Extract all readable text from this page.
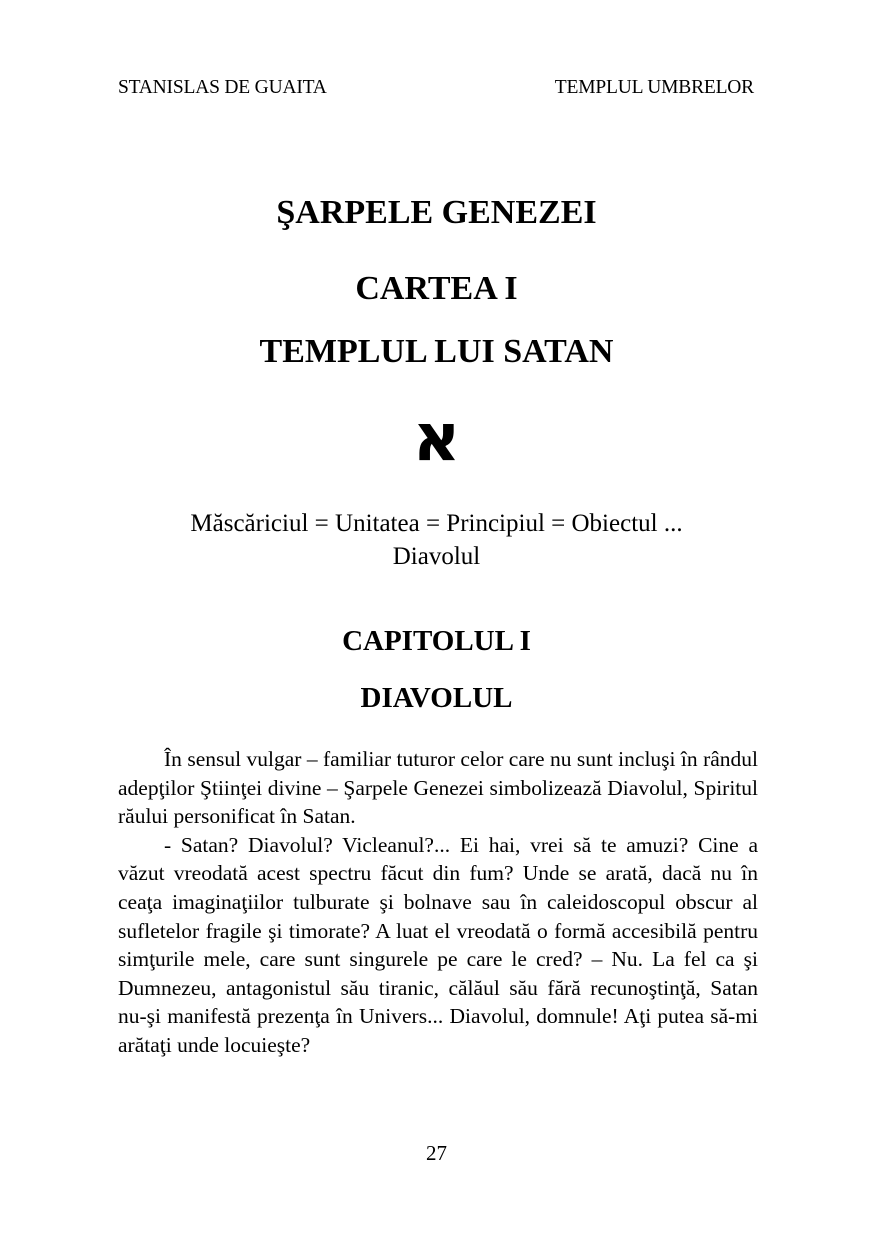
STANISLAS DE GUAITA	TEMPLUL UMBRELOR
ŞARPELE GENEZEI
CARTEA I
TEMPLUL LUI SATAN
א
Măscăriciul = Unitatea = Principiul = Obiectul ...
Diavolul
CAPITOLUL I
DIAVOLUL

În sensul vulgar – familiar tuturor celor care nu sunt incluşi în rândul adepţilor Ştiinţei divine – Şarpele Genezei simbolizează Diavolul, Spiritul răului personificat în Satan.

- Satan? Diavolul? Vicleanul?... Ei hai, vrei să te amuzi? Cine a văzut vreodată acest spectru făcut din fum? Unde se arată, dacă nu în ceaţa imaginaţiilor tulburate şi bolnave sau în caleidoscopul obscur al sufletelor fragile şi timorate? A luat el vreodată o formă accesibilă pentru simţurile mele, care sunt singurele pe care le cred? – Nu. La fel ca şi Dumnezeu, antagonistul său tiranic, călăul său fără recunoştinţă, Satan nu-şi manifestă prezenţa în Univers... Diavolul, domnule! Aţi putea să-mi arătaţi unde locuieşte?

27
